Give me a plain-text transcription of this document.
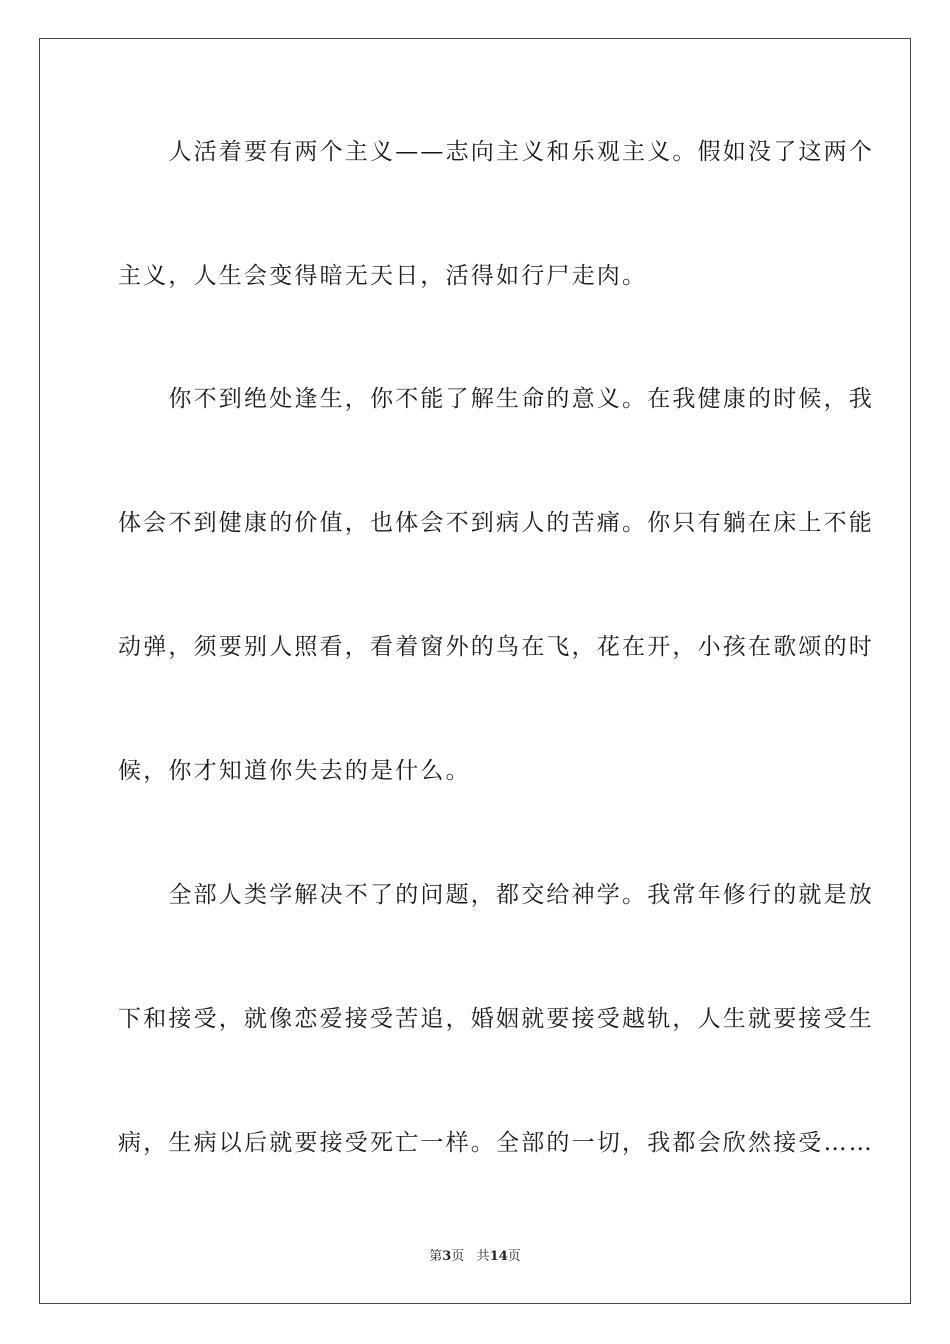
　　人活着要有两个主义——志向主义和乐观主义。假如没了这两个
主义，人生会变得暗无天日，活得如行尸走肉。
　　你不到绝处逢生，你不能了解生命的意义。在我健康的时候，我
体会不到健康的价值，也体会不到病人的苦痛。你只有躺在床上不能
动弹，须要别人照看，看着窗外的鸟在飞，花在开，小孩在歌颂的时
候，你才知道你失去的是什么。
　　全部人类学解决不了的问题，都交给神学。我常年修行的就是放
下和接受，就像恋爱接受苦追，婚姻就要接受越轨，人生就要接受生
病，生病以后就要接受死亡一样。全部的一切，我都会欣然接受……
第3页 共14页
